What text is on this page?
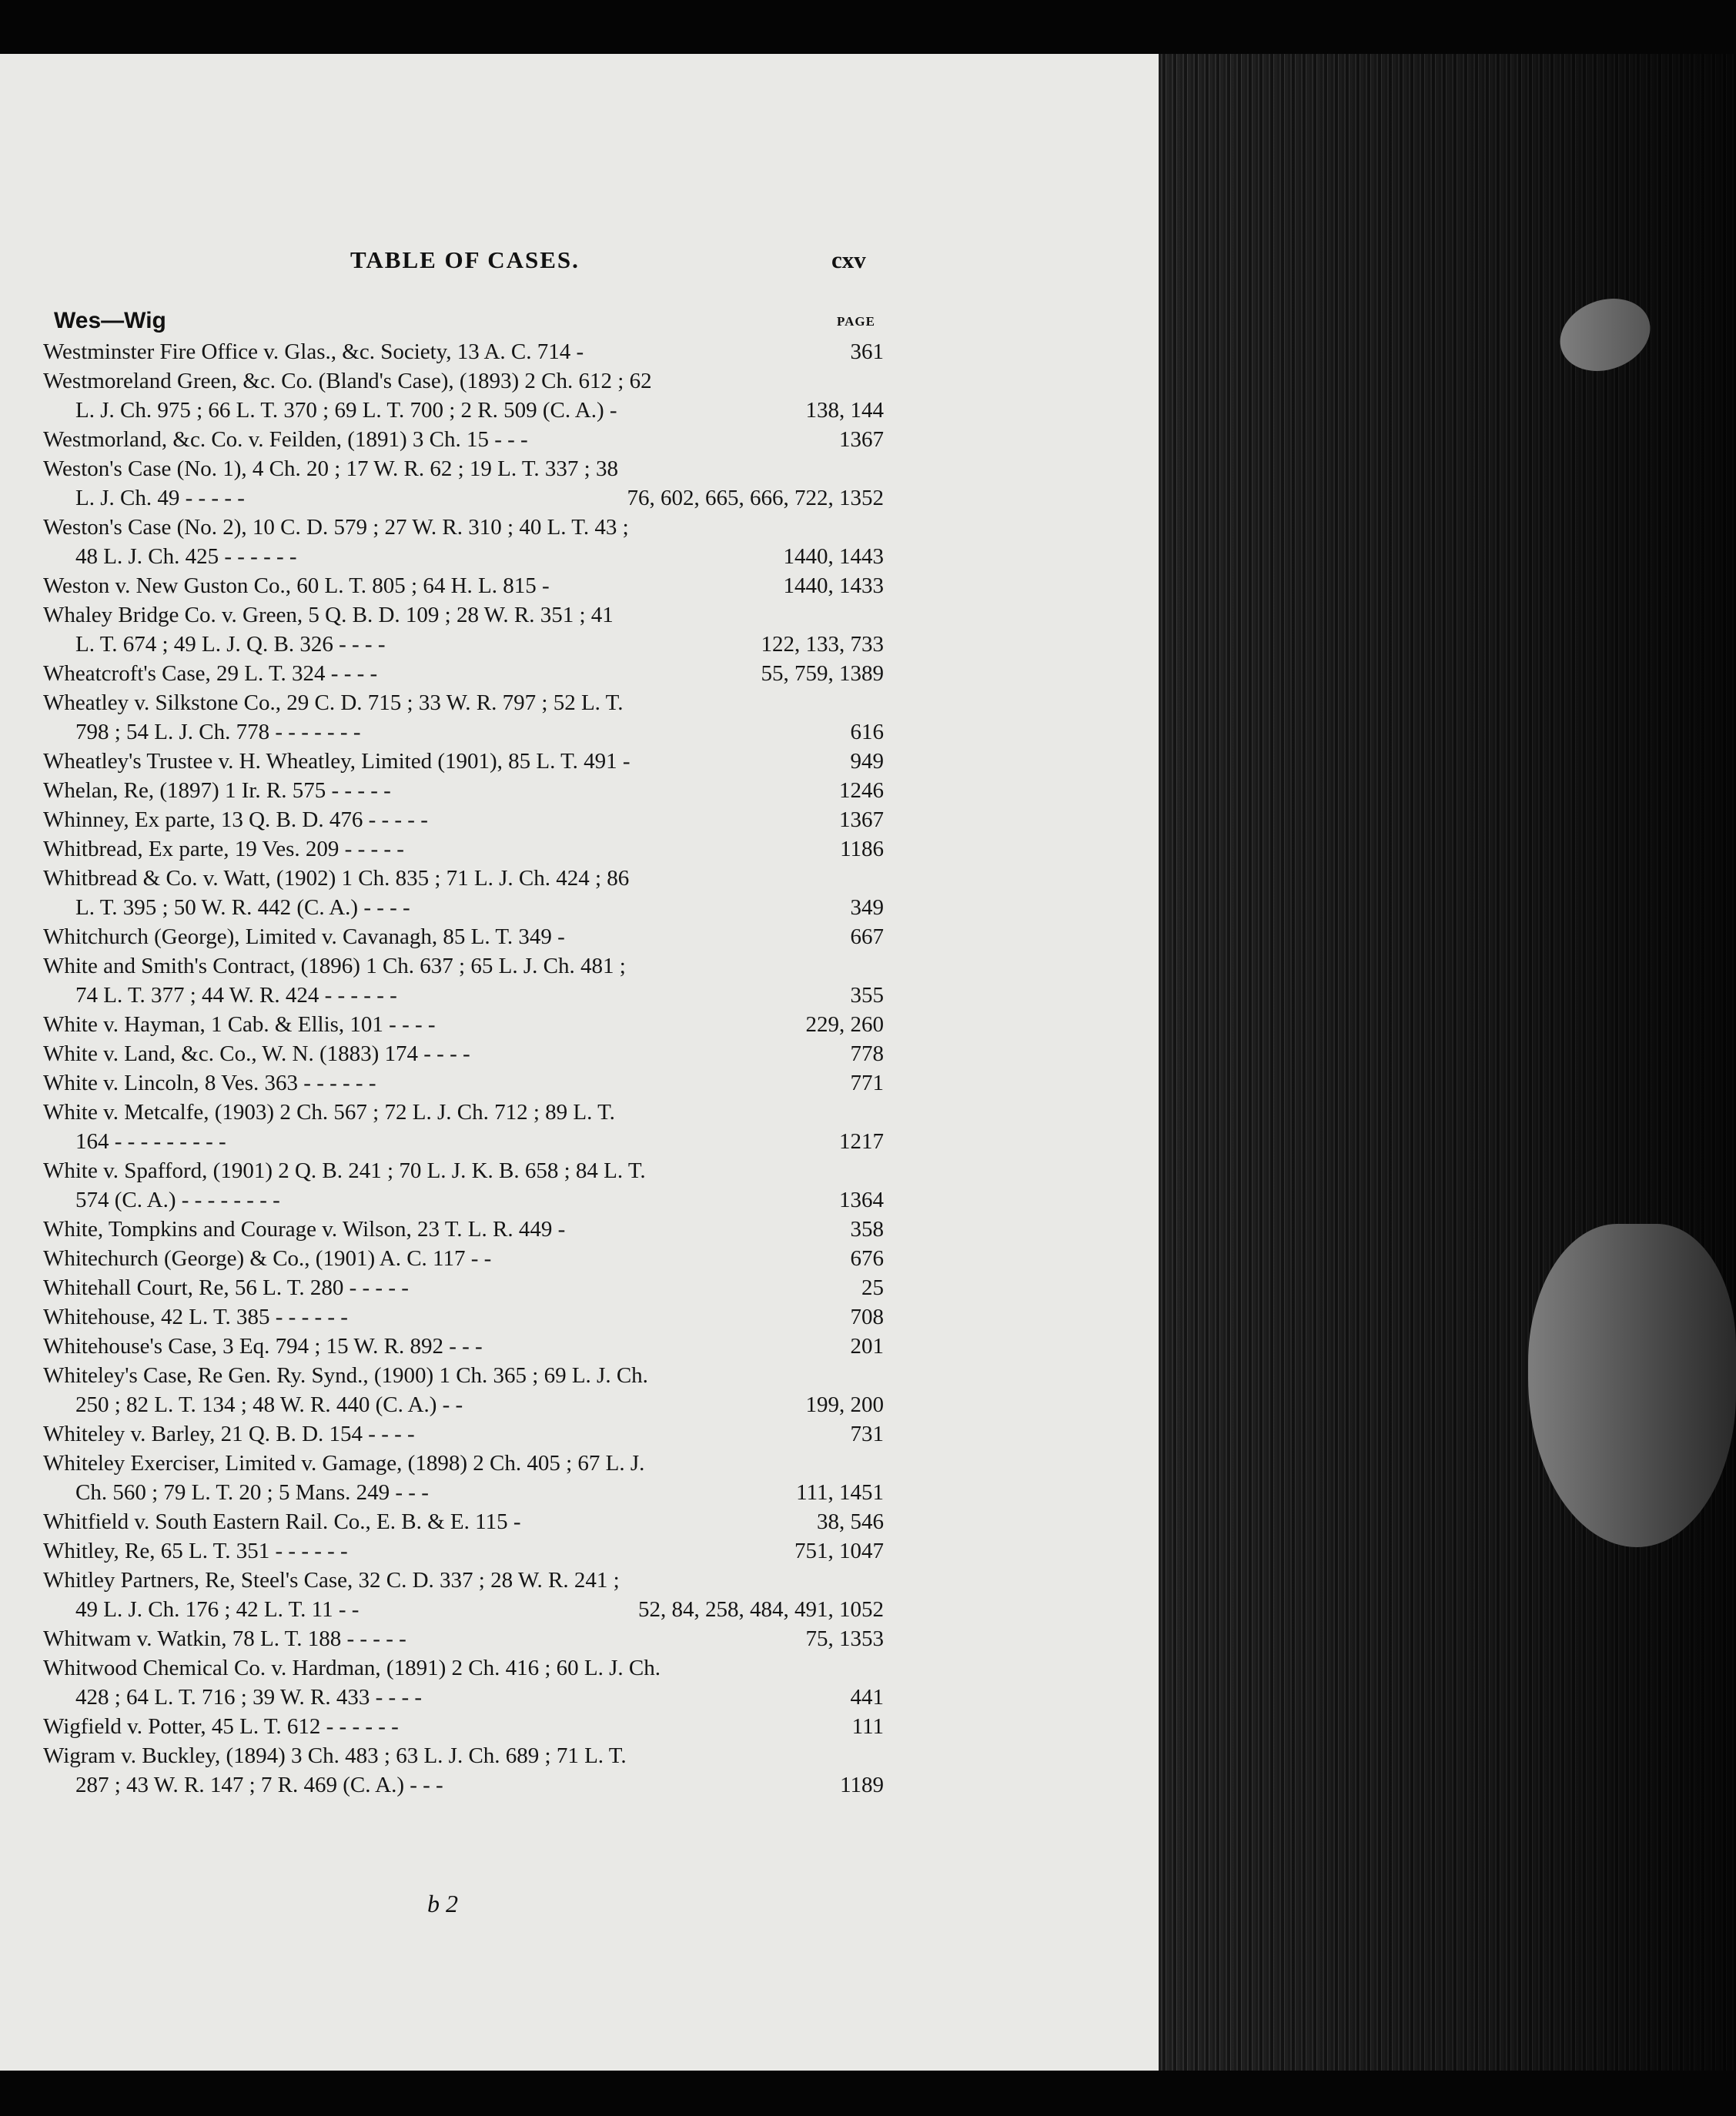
TABLE OF CASES.	cxv
Wes—Wig	PAGE
Westminster Fire Office v. Glas., &c. Society, 13 A. C. 714 -	361
Westmoreland Green, &c. Co. (Bland's Case), (1893) 2 Ch. 612 ; 62
L. J. Ch. 975 ; 66 L. T. 370 ; 69 L. T. 700 ; 2 R. 509 (C. A.) -	138, 144
Westmorland, &c. Co. v. Feilden, (1891) 3 Ch. 15 - - -	1367
Weston's Case (No. 1), 4 Ch. 20 ; 17 W. R. 62 ; 19 L. T. 337 ; 38
L. J. Ch. 49 - - - - -	76, 602, 665, 666, 722, 1352
Weston's Case (No. 2), 10 C. D. 579 ; 27 W. R. 310 ; 40 L. T. 43 ;
48 L. J. Ch. 425 - - - - - -	1440, 1443
Weston v. New Guston Co., 60 L. T. 805 ; 64 H. L. 815 -	1440, 1433
Whaley Bridge Co. v. Green, 5 Q. B. D. 109 ; 28 W. R. 351 ; 41
L. T. 674 ; 49 L. J. Q. B. 326 - - - -	122, 133, 733
Wheatcroft's Case, 29 L. T. 324 - - - -	55, 759, 1389
Wheatley v. Silkstone Co., 29 C. D. 715 ; 33 W. R. 797 ; 52 L. T.
798 ; 54 L. J. Ch. 778 - - - - - - -	616
Wheatley's Trustee v. H. Wheatley, Limited (1901), 85 L. T. 491 -	949
Whelan, Re, (1897) 1 Ir. R. 575 - - - - -	1246
Whinney, Ex parte, 13 Q. B. D. 476 - - - - -	1367
Whitbread, Ex parte, 19 Ves. 209 - - - - -	1186
Whitbread & Co. v. Watt, (1902) 1 Ch. 835 ; 71 L. J. Ch. 424 ; 86
L. T. 395 ; 50 W. R. 442 (C. A.) - - - -	349
Whitchurch (George), Limited v. Cavanagh, 85 L. T. 349 -	667
White and Smith's Contract, (1896) 1 Ch. 637 ; 65 L. J. Ch. 481 ;
74 L. T. 377 ; 44 W. R. 424 - - - - - -	355
White v. Hayman, 1 Cab. & Ellis, 101 - - - -	229, 260
White v. Land, &c. Co., W. N. (1883) 174 - - - -	778
White v. Lincoln, 8 Ves. 363 - - - - - -	771
White v. Metcalfe, (1903) 2 Ch. 567 ; 72 L. J. Ch. 712 ; 89 L. T.
164 - - - - - - - - -	1217
White v. Spafford, (1901) 2 Q. B. 241 ; 70 L. J. K. B. 658 ; 84 L. T.
574 (C. A.) - - - - - - - -	1364
White, Tompkins and Courage v. Wilson, 23 T. L. R. 449 -	358
Whitechurch (George) & Co., (1901) A. C. 117 - -	676
Whitehall Court, Re, 56 L. T. 280 - - - - -	25
Whitehouse, 42 L. T. 385 - - - - - -	708
Whitehouse's Case, 3 Eq. 794 ; 15 W. R. 892 - - -	201
Whiteley's Case, Re Gen. Ry. Synd., (1900) 1 Ch. 365 ; 69 L. J. Ch.
250 ; 82 L. T. 134 ; 48 W. R. 440 (C. A.) - -	199, 200
Whiteley v. Barley, 21 Q. B. D. 154 - - - -	731
Whiteley Exerciser, Limited v. Gamage, (1898) 2 Ch. 405 ; 67 L. J.
Ch. 560 ; 79 L. T. 20 ; 5 Mans. 249 - - -	111, 1451
Whitfield v. South Eastern Rail. Co., E. B. & E. 115 -	38, 546
Whitley, Re, 65 L. T. 351 - - - - - -	751, 1047
Whitley Partners, Re, Steel's Case, 32 C. D. 337 ; 28 W. R. 241 ;
49 L. J. Ch. 176 ; 42 L. T. 11 - -	52, 84, 258, 484, 491, 1052
Whitwam v. Watkin, 78 L. T. 188 - - - - -	75, 1353
Whitwood Chemical Co. v. Hardman, (1891) 2 Ch. 416 ; 60 L. J. Ch.
428 ; 64 L. T. 716 ; 39 W. R. 433 - - - -	441
Wigfield v. Potter, 45 L. T. 612 - - - - - -	111
Wigram v. Buckley, (1894) 3 Ch. 483 ; 63 L. J. Ch. 689 ; 71 L. T.
287 ; 43 W. R. 147 ; 7 R. 469 (C. A.) - - -	1189
b 2
